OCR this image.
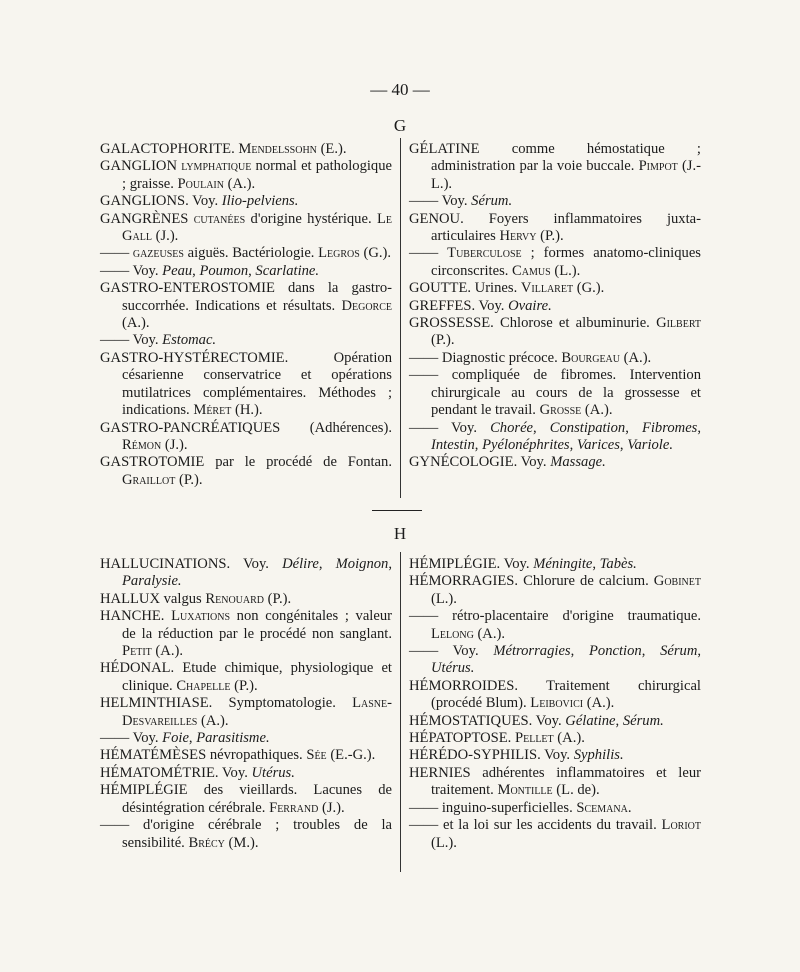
— 40 —
G
GALACTOPHORITE. Mendelssohn (E.).
GANGLION lymphatique normal et pathologique ; graisse. Poulain (A.).
GANGLIONS. Voy. Ilio-pelviens.
GANGRÈNES cutanées d'origine hystérique. Le Gall (J.).
—— gazeuses aiguës. Bactériologie. Legros (G.).
—— Voy. Peau, Poumon, Scarlatine.
GASTRO-ENTEROSTOMIE dans la gastro-succorrhée. Indications et résultats. Degorce (A.).
—— Voy. Estomac.
GASTRO-HYSTÉRECTOMIE. Opération césarienne conservatrice et opérations mutilatrices complémentaires. Méthodes ; indications. Méret (H.).
GASTRO-PANCRÉATIQUES (Adhérences). Rémon (J.).
GASTROTOMIE par le procédé de Fontan. Graillot (P.).
GÉLATINE comme hémostatique ; administration par la voie buccale. Pimpot (J.-L.).
—— Voy. Sérum.
GENOU. Foyers inflammatoires juxta-articulaires Hervy (P.).
—— Tuberculose ; formes anatomo-cliniques circonscrites. Camus (L.).
GOUTTE. Urines. Villaret (G.).
GREFFES. Voy. Ovaire.
GROSSESSE. Chlorose et albuminurie. Gilbert (P.).
—— Diagnostic précoce. Bourgeau (A.).
—— compliquée de fibromes. Intervention chirurgicale au cours de la grossesse et pendant le travail. Grosse (A.).
—— Voy. Chorée, Constipation, Fibromes, Intestin, Pyélonéphrites, Varices, Variole.
GYNÉCOLOGIE. Voy. Massage.
H
HALLUCINATIONS. Voy. Délire, Moignon, Paralysie.
HALLUX valgus Renouard (P.).
HANCHE. Luxations non congénitales ; valeur de la réduction par le procédé non sanglant. Petit (A.).
HÉDONAL. Etude chimique, physiologique et clinique. Chapelle (P.).
HELMINTHIASE. Symptomatologie. Lasne-Desvareilles (A.).
—— Voy. Foie, Parasitisme.
HÉMATÉMÈSES névropathiques. Sée (E.-G.).
HÉMATOMÉTRIE. Voy. Utérus.
HÉMIPLÉGIE des vieillards. Lacunes de désintégration cérébrale. Ferrand (J.).
—— d'origine cérébrale ; troubles de la sensibilité. Brécy (M.).
HÉMIPLÉGIE. Voy. Méningite, Tabès.
HÉMORRAGIES. Chlorure de calcium. Gobinet (L.).
—— rétro-placentaire d'origine traumatique. Lelong (A.).
—— Voy. Métrorragies, Ponction, Sérum, Utérus.
HÉMORROIDES. Traitement chirurgical (procédé Blum). Leibovici (A.).
HÉMOSTATIQUES. Voy. Gélatine, Sérum.
HÉPATOPTOSE. Pellet (A.).
HÉRÉDO-SYPHILIS. Voy. Syphilis.
HERNIES adhérentes inflammatoires et leur traitement. Montille (L. de).
—— inguino-superficielles. Scemana.
—— et la loi sur les accidents du travail. Loriot (L.).
